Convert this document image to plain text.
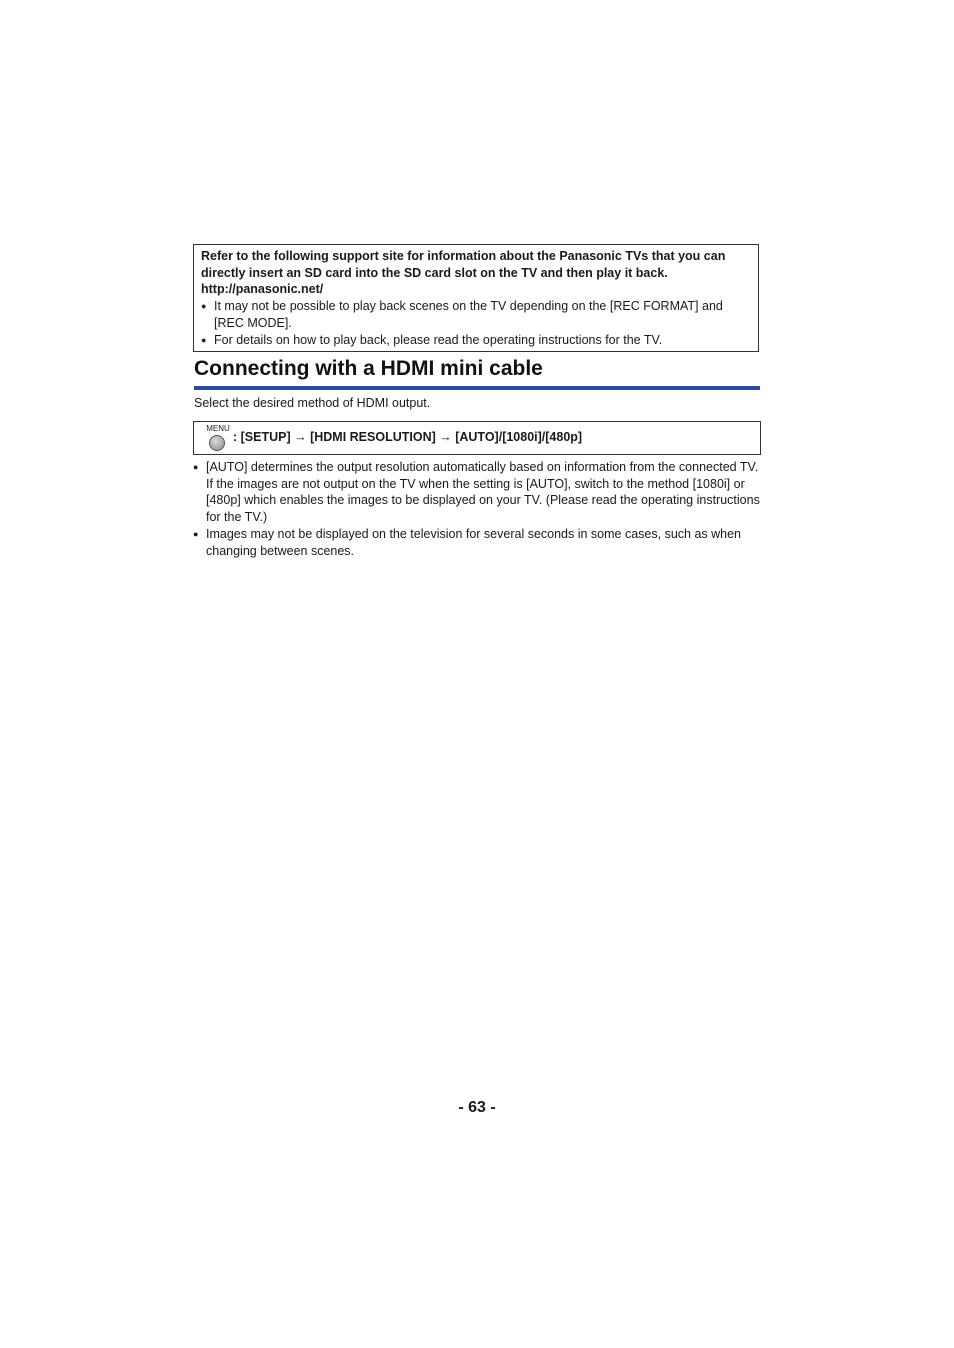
Refer to the following support site for information about the Panasonic TVs that you can directly insert an SD card into the SD card slot on the TV and then play it back.
http://panasonic.net/
● It may not be possible to play back scenes on the TV depending on the [REC FORMAT] and [REC MODE].
● For details on how to play back, please read the operating instructions for the TV.
Connecting with a HDMI mini cable
Select the desired method of HDMI output.
MENU
: [SETUP] → [HDMI RESOLUTION] → [AUTO]/[1080i]/[480p]
● [AUTO] determines the output resolution automatically based on information from the connected TV.
If the images are not output on the TV when the setting is [AUTO], switch to the method [1080i] or [480p] which enables the images to be displayed on your TV. (Please read the operating instructions for the TV.)
● Images may not be displayed on the television for several seconds in some cases, such as when changing between scenes.
- 63 -
